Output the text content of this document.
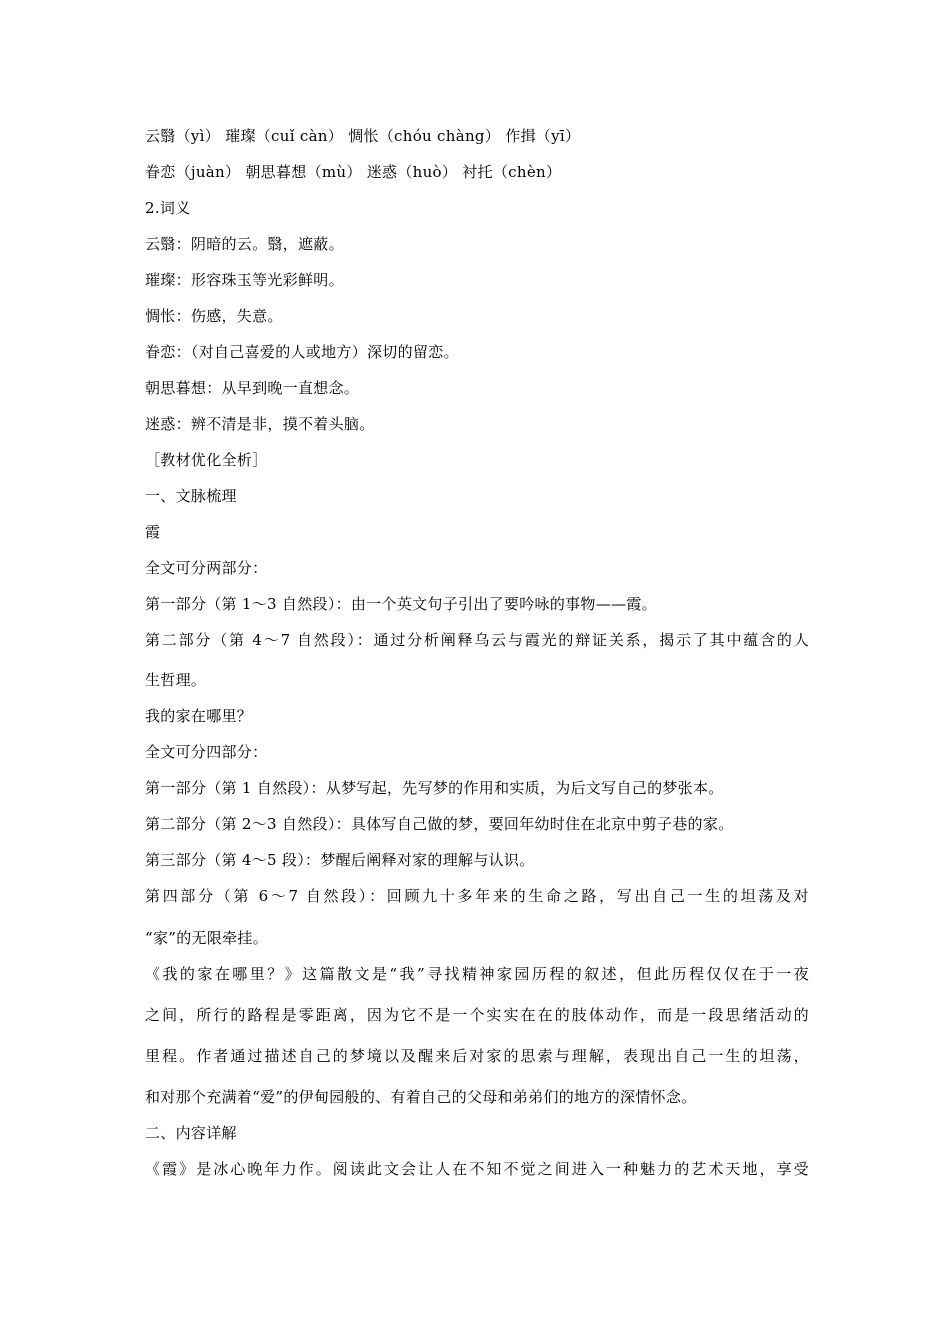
云翳（yì） 璀璨（cuǐ càn） 惆怅（chóu chàng） 作揖（yī）
眷恋（juàn） 朝思暮想（mù） 迷惑（huò） 衬托（chèn）
2.词义
云翳：阴暗的云。翳，遮蔽。
璀璨：形容珠玉等光彩鲜明。
惆怅：伤感，失意。
眷恋：（对自己喜爱的人或地方）深切的留恋。
朝思暮想：从早到晚一直想念。
迷惑：辨不清是非，摸不着头脑。
［教材优化全析］
一、文脉梳理
霞
全文可分两部分：
第一部分（第 1～3 自然段）：由一个英文句子引出了要吟咏的事物——霞。
第二部分（第 4～7 自然段）：通过分析阐释乌云与霞光的辩证关系，揭示了其中蕴含的人
生哲理。
我的家在哪里？
全文可分四部分：
第一部分（第 1 自然段）：从梦写起，先写梦的作用和实质，为后文写自己的梦张本。
第二部分（第 2～3 自然段）：具体写自己做的梦，要回年幼时住在北京中剪子巷的家。
第三部分（第 4～5 段）：梦醒后阐释对家的理解与认识。
第四部分（第 6～7 自然段）：回顾九十多年来的生命之路，写出自己一生的坦荡及对
“家”的无限牵挂。
《我的家在哪里？》这篇散文是“我”寻找精神家园历程的叙述，但此历程仅仅在于一夜
之间，所行的路程是零距离，因为它不是一个实实在在的肢体动作，而是一段思绪活动的
里程。作者通过描述自己的梦境以及醒来后对家的思索与理解，表现出自己一生的坦荡，
和对那个充满着“爱”的伊甸园般的、有着自己的父母和弟弟们的地方的深情怀念。
二、内容详解
《霞》是冰心晚年力作。阅读此文会让人在不知不觉之间进入一种魅力的艺术天地，享受
